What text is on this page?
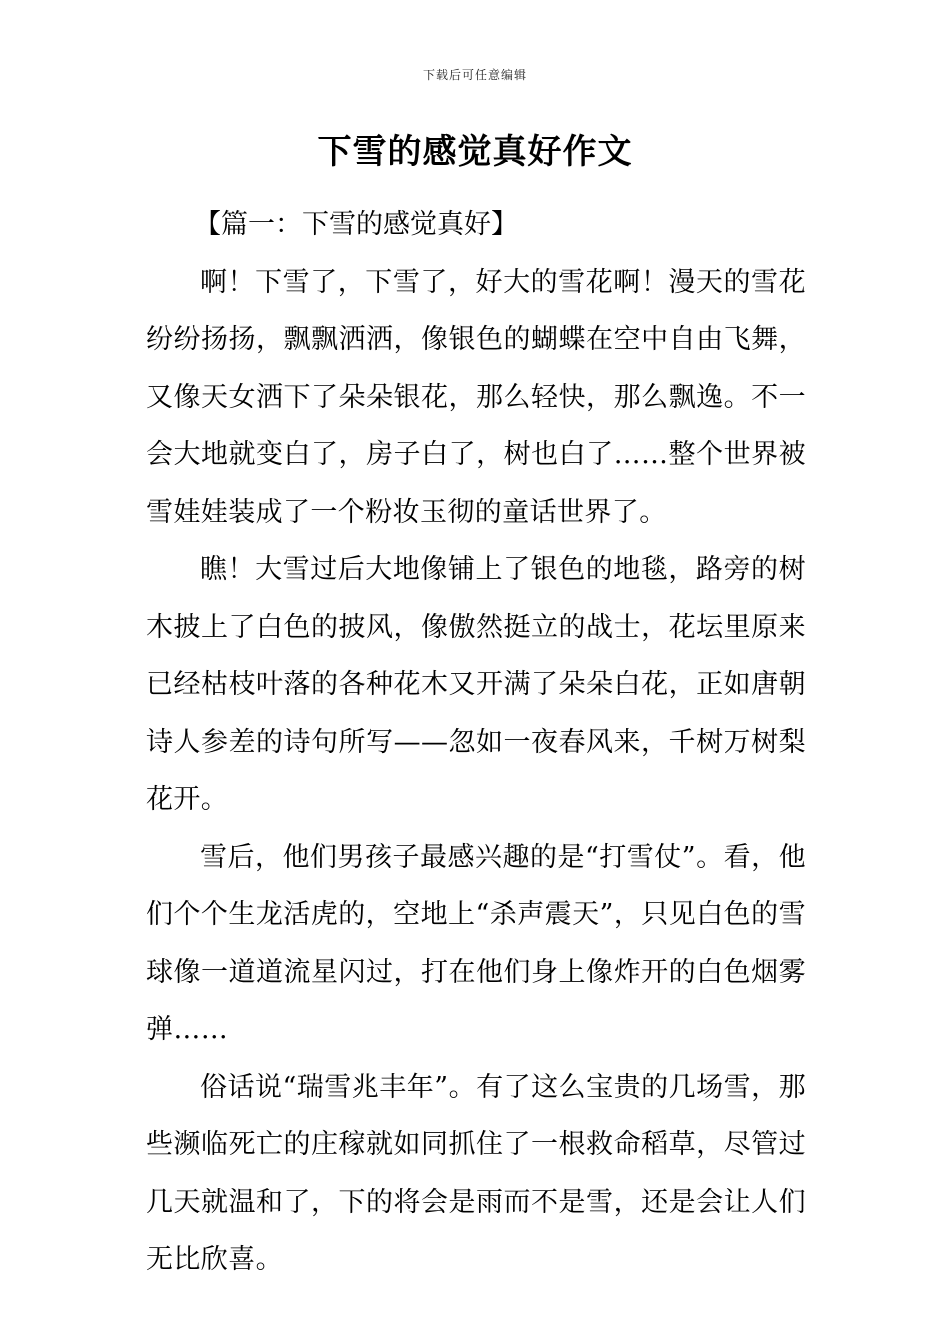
下载后可任意编辑
下雪的感觉真好作文

【篇一：下雪的感觉真好】

啊！下雪了，下雪了，好大的雪花啊！漫天的雪花纷纷扬扬，飘飘洒洒，像银色的蝴蝶在空中自由飞舞，又像天女洒下了朵朵银花，那么轻快，那么飘逸。不一会大地就变白了，房子白了，树也白了……整个世界被雪娃娃装成了一个粉妆玉彻的童话世界了。

瞧！大雪过后大地像铺上了银色的地毯，路旁的树木披上了白色的披风，像傲然挺立的战士，花坛里原来已经枯枝叶落的各种花木又开满了朵朵白花，正如唐朝诗人参差的诗句所写——忽如一夜春风来，千树万树梨花开。

雪后，他们男孩子最感兴趣的是“打雪仗”。看，他们个个生龙活虎的，空地上“杀声震天”，只见白色的雪球像一道道流星闪过，打在他们身上像炸开的白色烟雾弹……

俗话说“瑞雪兆丰年”。有了这么宝贵的几场雪，那些濒临死亡的庄稼就如同抓住了一根救命稻草，尽管过几天就温和了，下的将会是雨而不是雪，还是会让人们无比欣喜。
